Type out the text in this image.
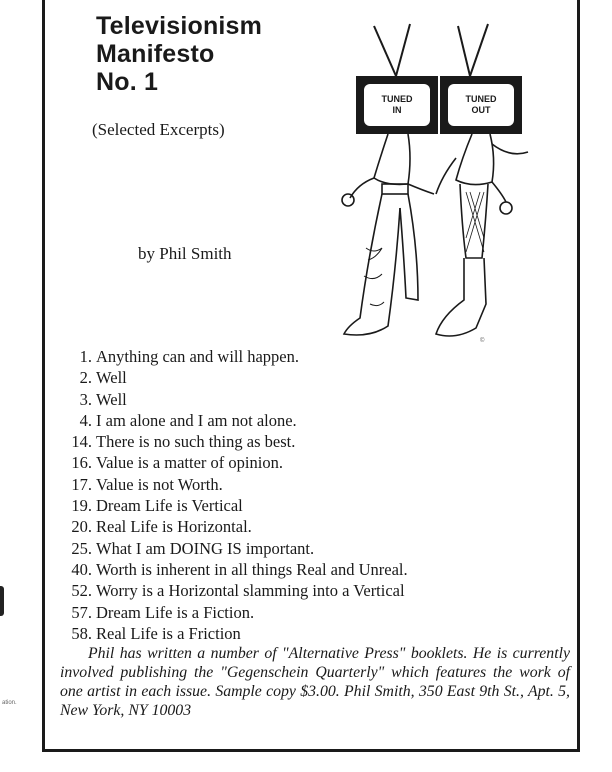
Televisionism
Manifesto
No. 1
(Selected Excerpts)
by Phil Smith
TUNED
IN
TUNED
OUT
©
1. Anything can and will happen.
2. Well
3. Well
4. I am alone and I am not alone.
14. There is no such thing as best.
16. Value is a matter of opinion.
17. Value is not Worth.
19. Dream Life is Vertical
20. Real Life is Horizontal.
25. What I am DOING IS important.
40. Worth is inherent in all things Real and Unreal.
52. Worry is a Horizontal slamming into a Vertical
57. Dream Life is a Fiction.
58. Real Life is a Friction

Phil has written a number of "Alternative Press" booklets. He is currently involved publishing the "Gegenschein Quarterly" which features the work of one artist in each issue. Sample copy $3.00. Phil Smith, 350 East 9th St., Apt. 5, New York, NY 10003

ation.
